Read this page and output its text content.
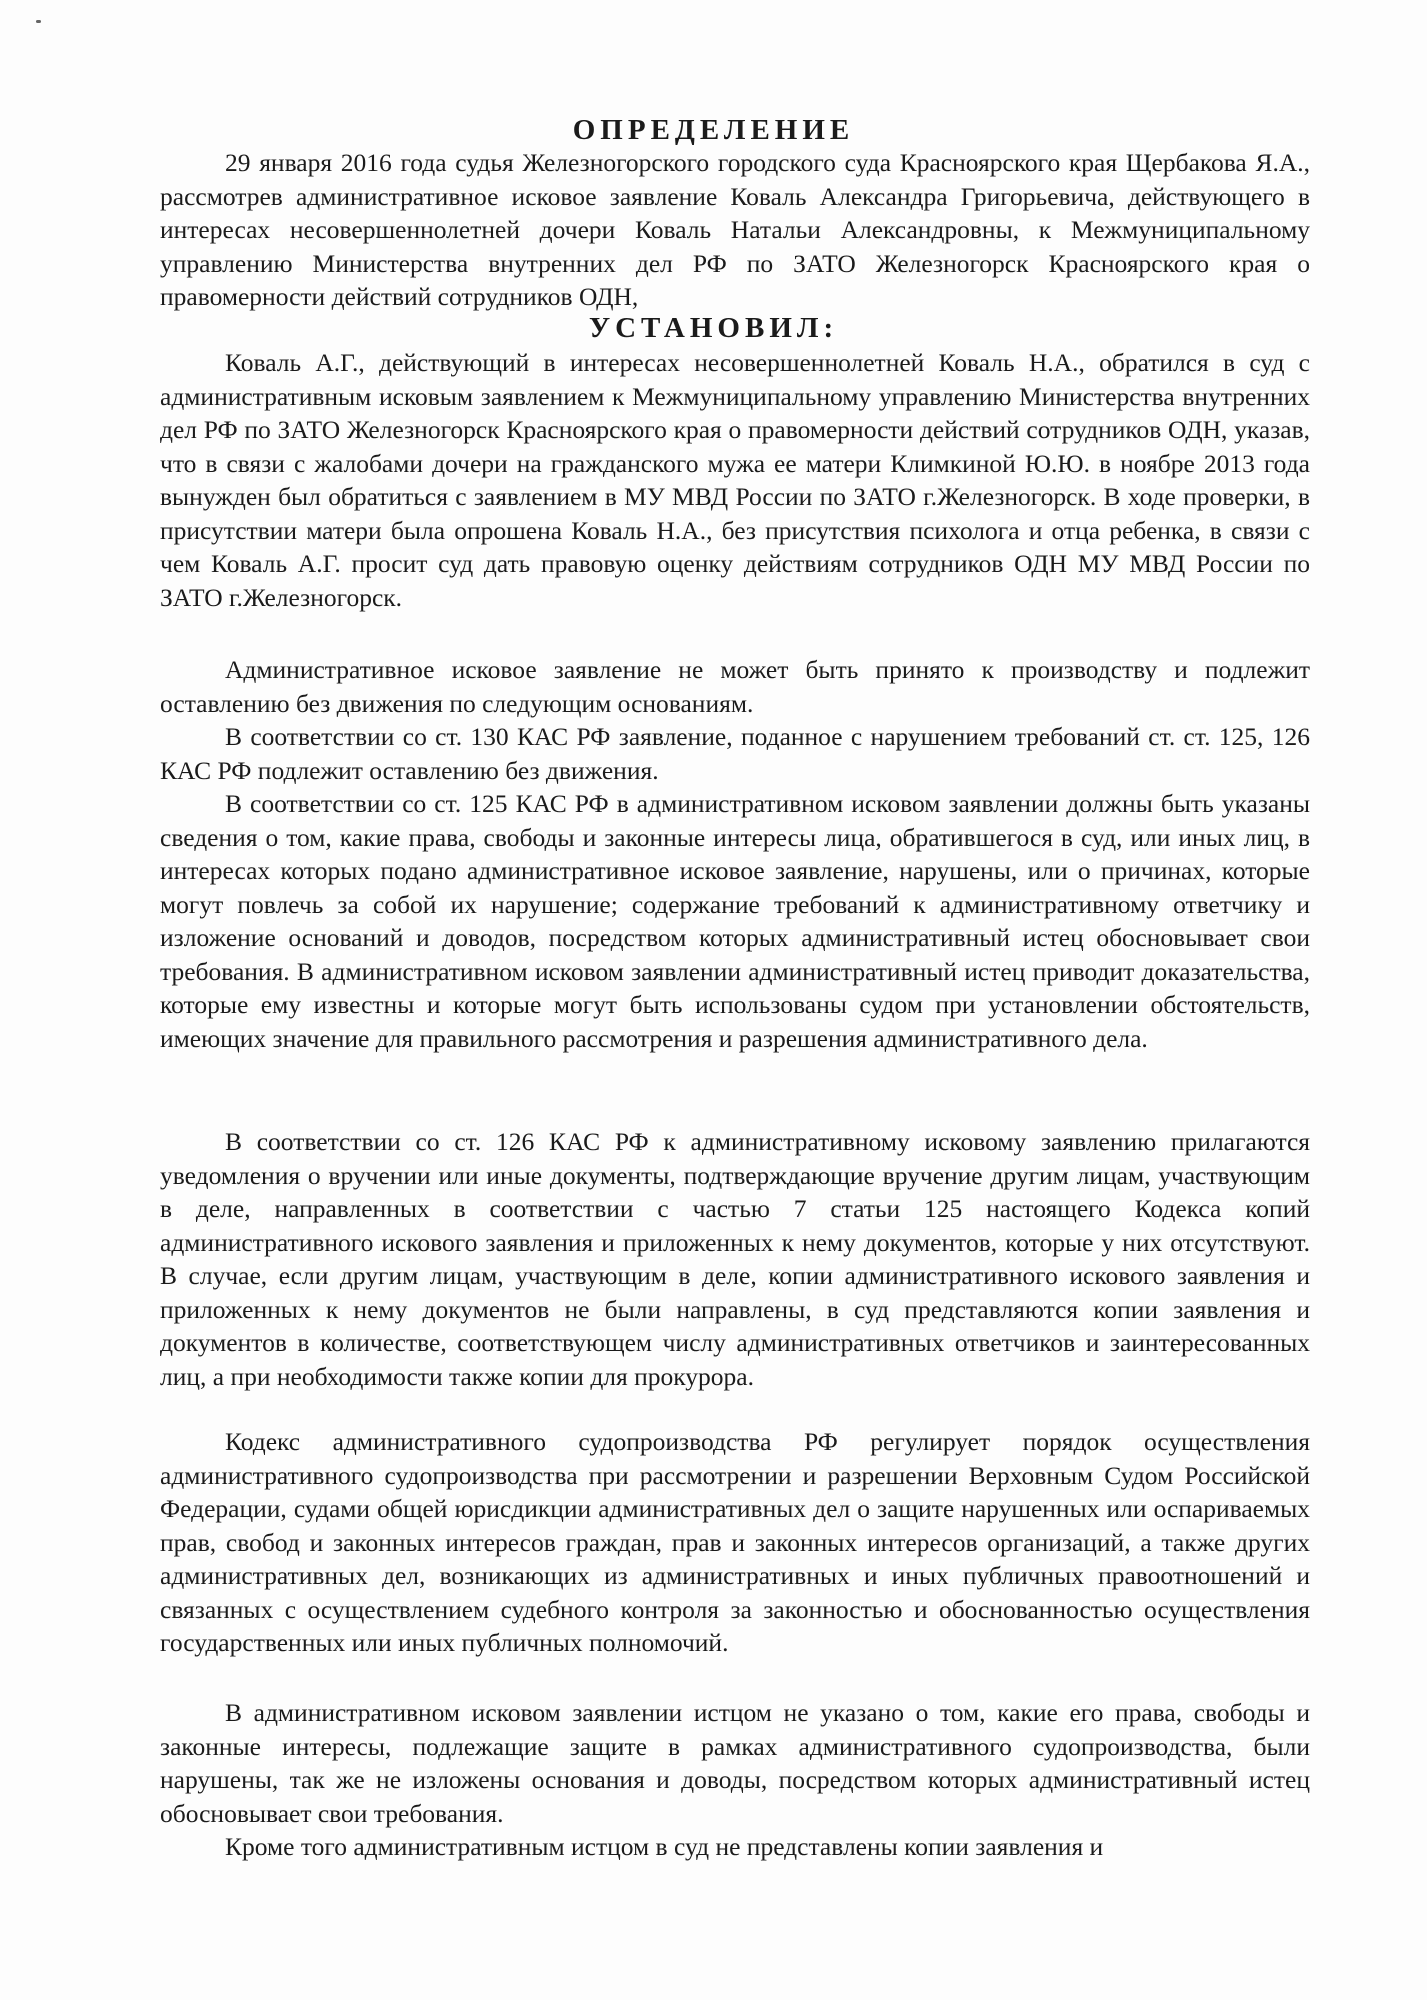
ОПРЕДЕЛЕНИЕ

29 января 2016 года судья Железногорского городского суда Красноярского края Щербакова Я.А., рассмотрев административное исковое заявление Коваль Александра Григорьевича, действующего в интересах несовершеннолетней дочери Коваль Натальи Александровны, к Межмуниципальному управлению Министерства внутренних дел РФ по ЗАТО Железногорск Красноярского края о правомерности действий сотрудников ОДН,

УСТАНОВИЛ:

Коваль А.Г., действующий в интересах несовершеннолетней Коваль Н.А., обратился в суд с административным исковым заявлением к Межмуниципальному управлению Министерства внутренних дел РФ по ЗАТО Железногорск Красноярского края о правомерности действий сотрудников ОДН, указав, что в связи с жалобами дочери на гражданского мужа ее матери Климкиной Ю.Ю. в ноябре 2013 года вынужден был обратиться с заявлением в МУ МВД России по ЗАТО г.Железногорск. В ходе проверки, в присутствии матери была опрошена Коваль Н.А., без присутствия психолога и отца ребенка, в связи с чем Коваль А.Г. просит суд дать правовую оценку действиям сотрудников ОДН МУ МВД России по ЗАТО г.Железногорск.

Административное исковое заявление не может быть принято к производству и подлежит оставлению без движения по следующим основаниям.

В соответствии со ст. 130 КАС РФ заявление, поданное с нарушением требований ст. ст. 125, 126 КАС РФ подлежит оставлению без движения.

В соответствии со ст. 125 КАС РФ в административном исковом заявлении должны быть указаны сведения о том, какие права, свободы и законные интересы лица, обратившегося в суд, или иных лиц, в интересах которых подано административное исковое заявление, нарушены, или о причинах, которые могут повлечь за собой их нарушение; содержание требований к административному ответчику и изложение оснований и доводов, посредством которых административный истец обосновывает свои требования. В административном исковом заявлении административный истец приводит доказательства, которые ему известны и которые могут быть использованы судом при установлении обстоятельств, имеющих значение для правильного рассмотрения и разрешения административного дела.

В соответствии со ст. 126 КАС РФ к административному исковому заявлению прилагаются уведомления о вручении или иные документы, подтверждающие вручение другим лицам, участвующим в деле, направленных в соответствии с частью 7 статьи 125 настоящего Кодекса копий административного искового заявления и приложенных к нему документов, которые у них отсутствуют. В случае, если другим лицам, участвующим в деле, копии административного искового заявления и приложенных к нему документов не были направлены, в суд представляются копии заявления и документов в количестве, соответствующем числу административных ответчиков и заинтересованных лиц, а при необходимости также копии для прокурора.

Кодекс административного судопроизводства РФ регулирует порядок осуществления административного судопроизводства при рассмотрении и разрешении Верховным Судом Российской Федерации, судами общей юрисдикции административных дел о защите нарушенных или оспариваемых прав, свобод и законных интересов граждан, прав и законных интересов организаций, а также других административных дел, возникающих из административных и иных публичных правоотношений и связанных с осуществлением судебного контроля за законностью и обоснованностью осуществления государственных или иных публичных полномочий.

В административном исковом заявлении истцом не указано о том, какие его права, свободы и законные интересы, подлежащие защите в рамках административного судопроизводства, были нарушены, так же не изложены основания и доводы, посредством которых административный истец обосновывает свои требования.

Кроме того административным истцом в суд не представлены копии заявления и
